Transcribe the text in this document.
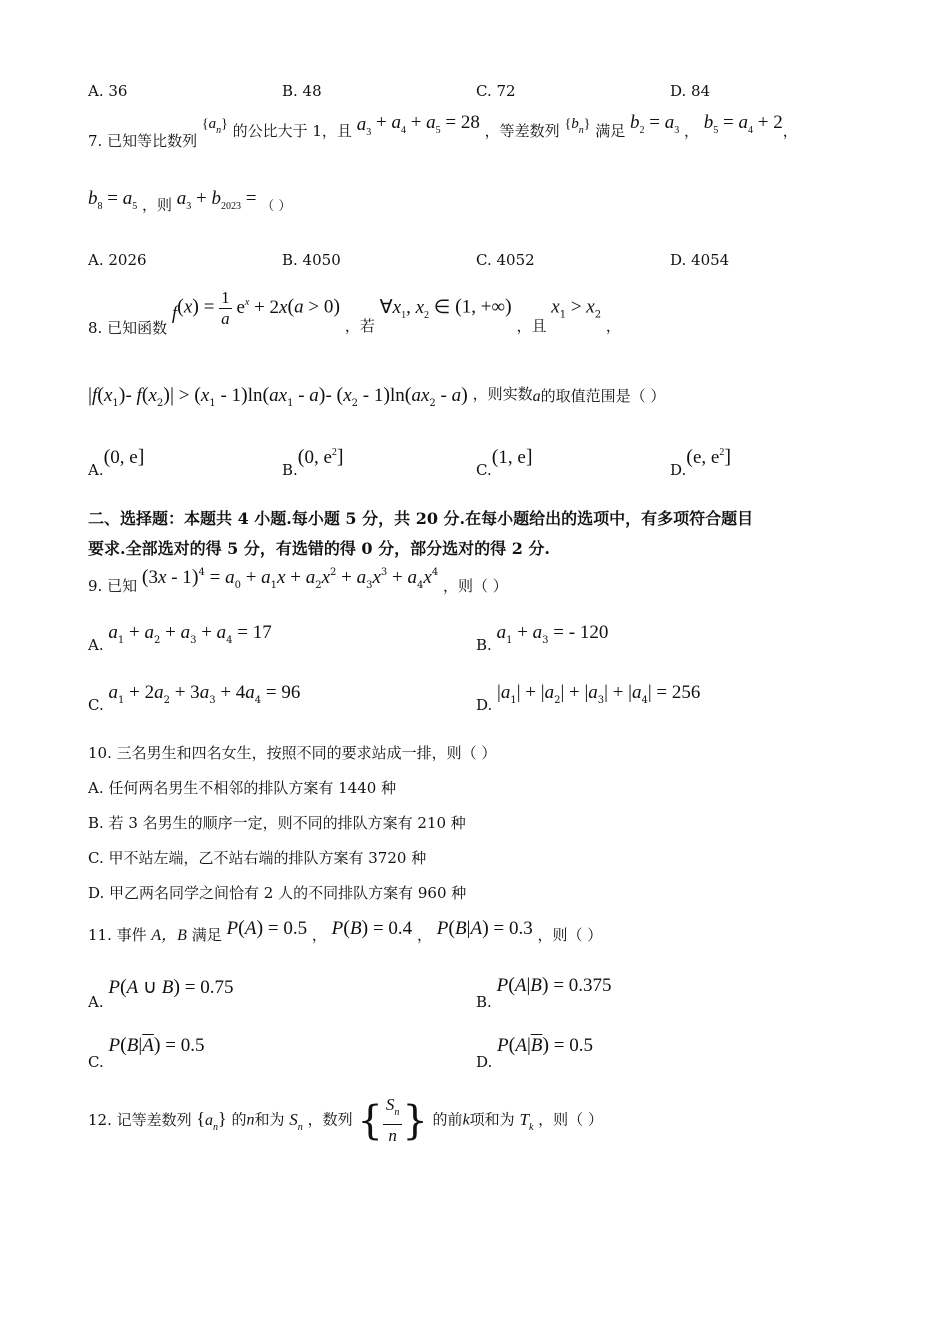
A. 36	B. 48	C. 72	D. 84
7. 已知等比数列 $\{a_n\}$ 的公比大于 1，且 $a_3 + a_4 + a_5 = 28$ ，等差数列 $\{b_n\}$ 满足 $b_2 = a_3$ ， $b_5 = a_4 + 2$，
$b_8 = a_5$ ，则 $a_3 + b_{2023}$ = （ ）
A. 2026	B. 4050	C. 4052	D. 4054
8. 已知函数 $f(x) = \frac{1}{a} e^x + 2x(a > 0)$ ，若 $\forall x_1$, $x_2$ ∈ (1, +∞) ，且 $x_1 > x_2$ ，
$|f(x_1)-$ $f(x_2)| > (x_1 - 1)\ln(ax_1 - a)-$ $(x_2 - 1)\ln(ax_2 - a)$ ，则实数a的取值范围是（ ）
A.(0, e]
B.(0, $e^2$]
C.(1, e]
D.(e, $e^2$]
二、选择题：本题共 4 小题.每小题 5 分，共 20 分.在每小题给出的选项中，有多项符合题目
要求.全部选对的得 5 分，有选错的得 0 分，部分选对的得 2 分.
9. 已知 $(3x - 1)^4 = a_0 + a_1x + a_2x^2 + a_3x^3 + a_4x^4$ ，则（ ）
A. $a_1 + a_2 + a_3 + a_4 = 17$
B. $a_1 + a_3$ = - 120
C. $a_1 + 2a_2 + 3a_3 + 4a_4 = 96$
D. $|a_1| + |a_2| + |a_3| + |a_4| = 256$
10. 三名男生和四名女生，按照不同的要求站成一排，则（ ）
A. 任何两名男生不相邻的排队方案有 1440 种
B. 若 3 名男生的顺序一定，则不同的排队方案有 210 种
C. 甲不站左端，乙不站右端的排队方案有 3720 种
D. 甲乙两名同学之间恰有 2 人的不同排队方案有 960 种
11. 事件 A，B 满足 P(A) = 0.5 ， P(B) = 0.4 ， P(B|A) = 0.3 ，则（ ）
A. P(A ∪ B) = 0.75
B. P(A|B) = 0.375
C. $P(B|\overline{A}) = 0.5$
D. $P(A|\overline{B}) = 0.5$
12. 记等差数列 $\{a_n\}$ 的n和为 $S_n$ ，数列 { $\frac{S_n}{n}$ } 的前k项和为 $T_k$ ，则（ ）
